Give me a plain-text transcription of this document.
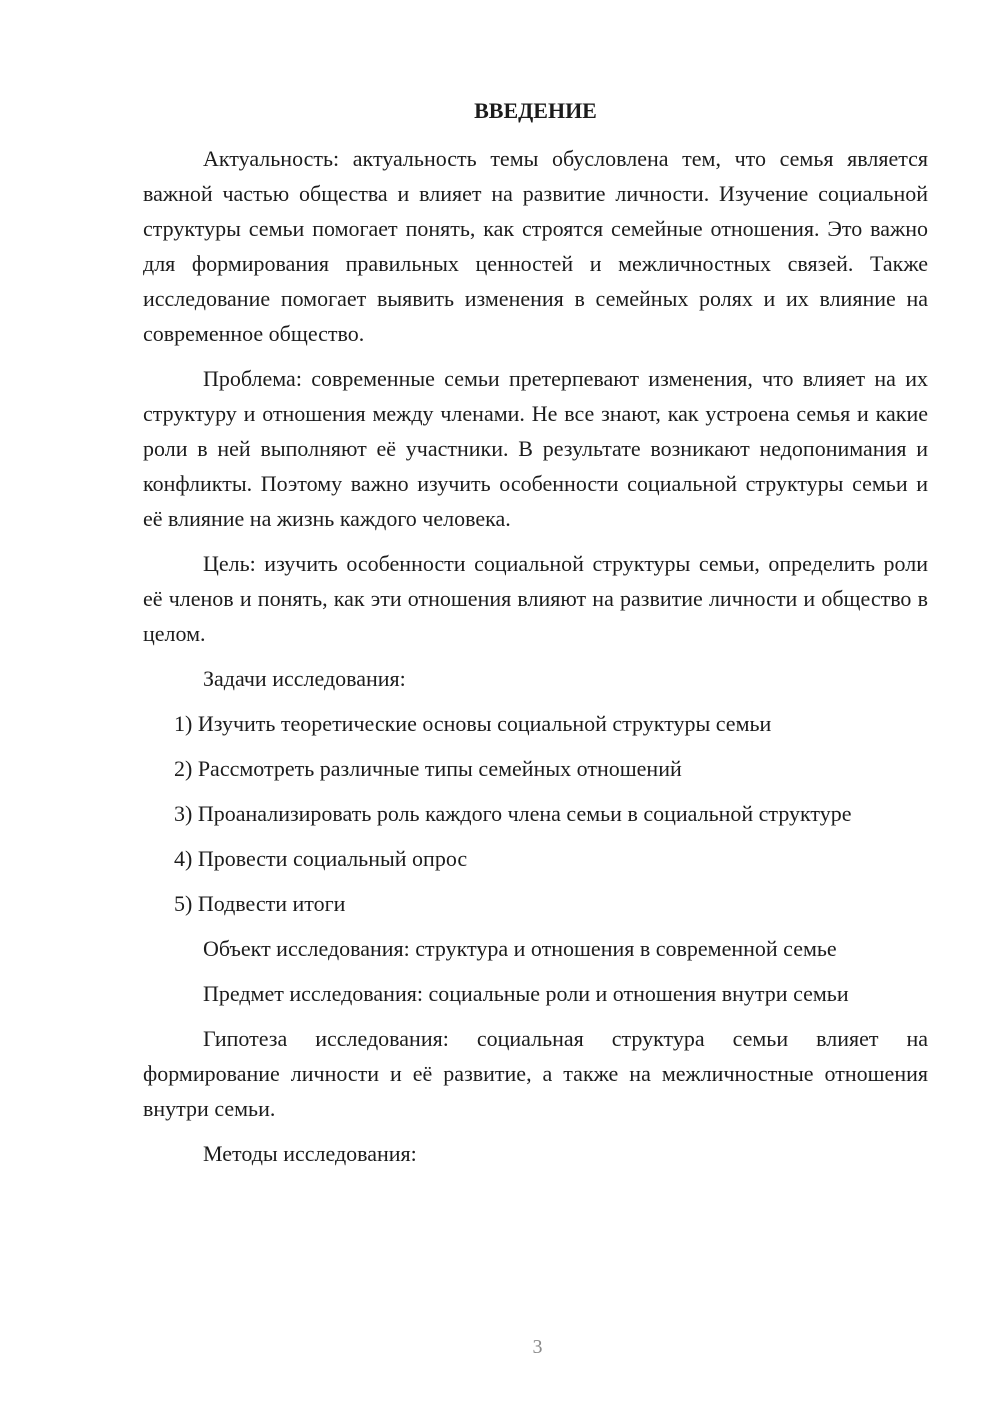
ВВЕДЕНИЕ

Актуальность: актуальность темы обусловлена тем, что семья является важной частью общества и влияет на развитие личности. Изучение социальной структуры семьи помогает понять, как строятся семейные отношения. Это важно для формирования правильных ценностей и межличностных связей. Также исследование помогает выявить изменения в семейных ролях и их влияние на современное общество.

Проблема: современные семьи претерпевают изменения, что влияет на их структуру и отношения между членами. Не все знают, как устроена семья и какие роли в ней выполняют её участники. В результате возникают недопонимания и конфликты. Поэтому важно изучить особенности социальной структуры семьи и её влияние на жизнь каждого человека.

Цель: изучить особенности социальной структуры семьи, определить роли её членов и понять, как эти отношения влияют на развитие личности и общество в целом.

Задачи исследования:

1) Изучить теоретические основы социальной структуры семьи

2) Рассмотреть различные типы семейных отношений

3) Проанализировать роль каждого члена семьи в социальной структуре

4) Провести социальный опрос

5) Подвести итоги

Объект исследования: структура и отношения в современной семье

Предмет исследования: социальные роли и отношения внутри семьи

Гипотеза исследования: социальная структура семьи влияет на формирование личности и её развитие, а также на межличностные отношения внутри семьи.

Методы исследования:

3
